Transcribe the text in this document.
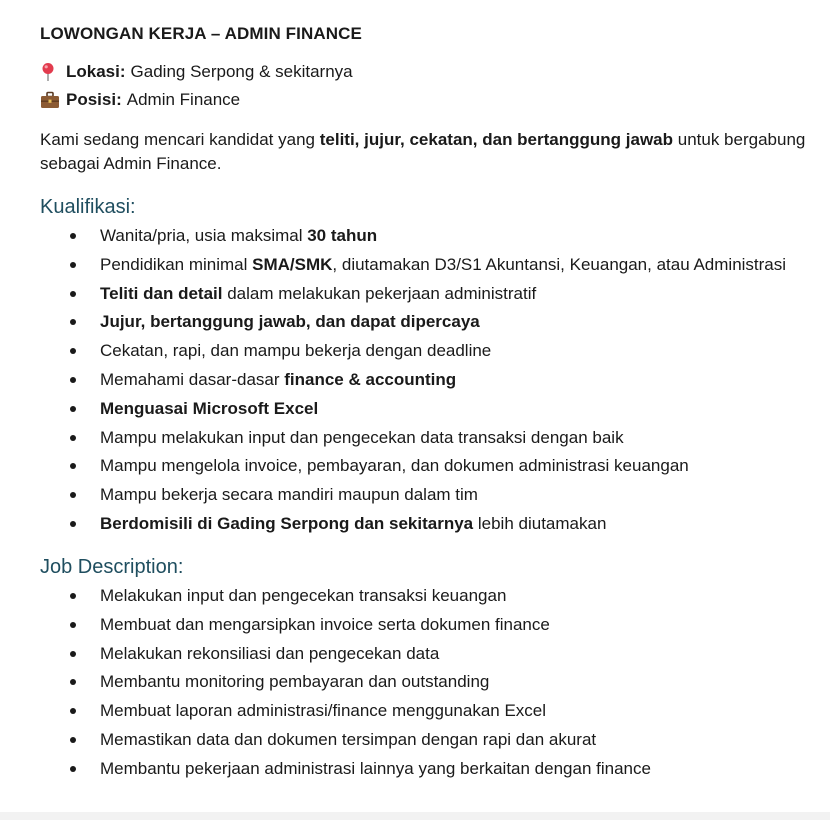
LOWONGAN KERJA – ADMIN FINANCE
Lokasi: Gading Serpong & sekitarnya
Posisi: Admin Finance

Kami sedang mencari kandidat yang teliti, jujur, cekatan, dan bertanggung jawab untuk bergabung sebagai Admin Finance.

Kualifikasi:
Wanita/pria, usia maksimal 30 tahun
Pendidikan minimal SMA/SMK, diutamakan D3/S1 Akuntansi, Keuangan, atau Administrasi
Teliti dan detail dalam melakukan pekerjaan administratif
Jujur, bertanggung jawab, dan dapat dipercaya
Cekatan, rapi, dan mampu bekerja dengan deadline
Memahami dasar-dasar finance & accounting
Menguasai Microsoft Excel
Mampu melakukan input dan pengecekan data transaksi dengan baik
Mampu mengelola invoice, pembayaran, dan dokumen administrasi keuangan
Mampu bekerja secara mandiri maupun dalam tim
Berdomisili di Gading Serpong dan sekitarnya lebih diutamakan
Job Description:
Melakukan input dan pengecekan transaksi keuangan
Membuat dan mengarsipkan invoice serta dokumen finance
Melakukan rekonsiliasi dan pengecekan data
Membantu monitoring pembayaran dan outstanding
Membuat laporan administrasi/finance menggunakan Excel
Memastikan data dan dokumen tersimpan dengan rapi dan akurat
Membantu pekerjaan administrasi lainnya yang berkaitan dengan finance
